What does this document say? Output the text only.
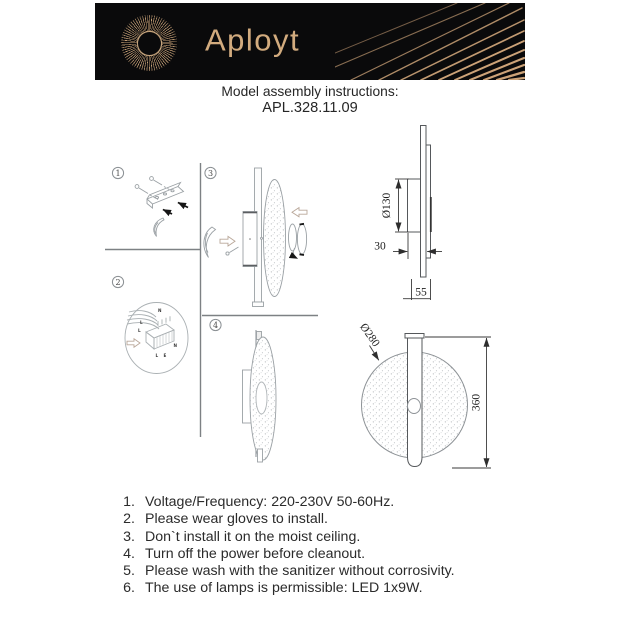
Aployt
Model assembly instructions:
APL.328.11.09
1
2
3
4
N
L
L
N
L E
Ø130
30
55
360
Ø280
1. Voltage/Frequency: 220-230V 50-60Hz.
2. Please wear gloves to install.
3. Don`t install it on the moist ceiling.
4. Turn off the power before cleanout.
5. Please wash with the sanitizer without corrosivity.
6. The use of lamps is permissible: LED 1x9W.
